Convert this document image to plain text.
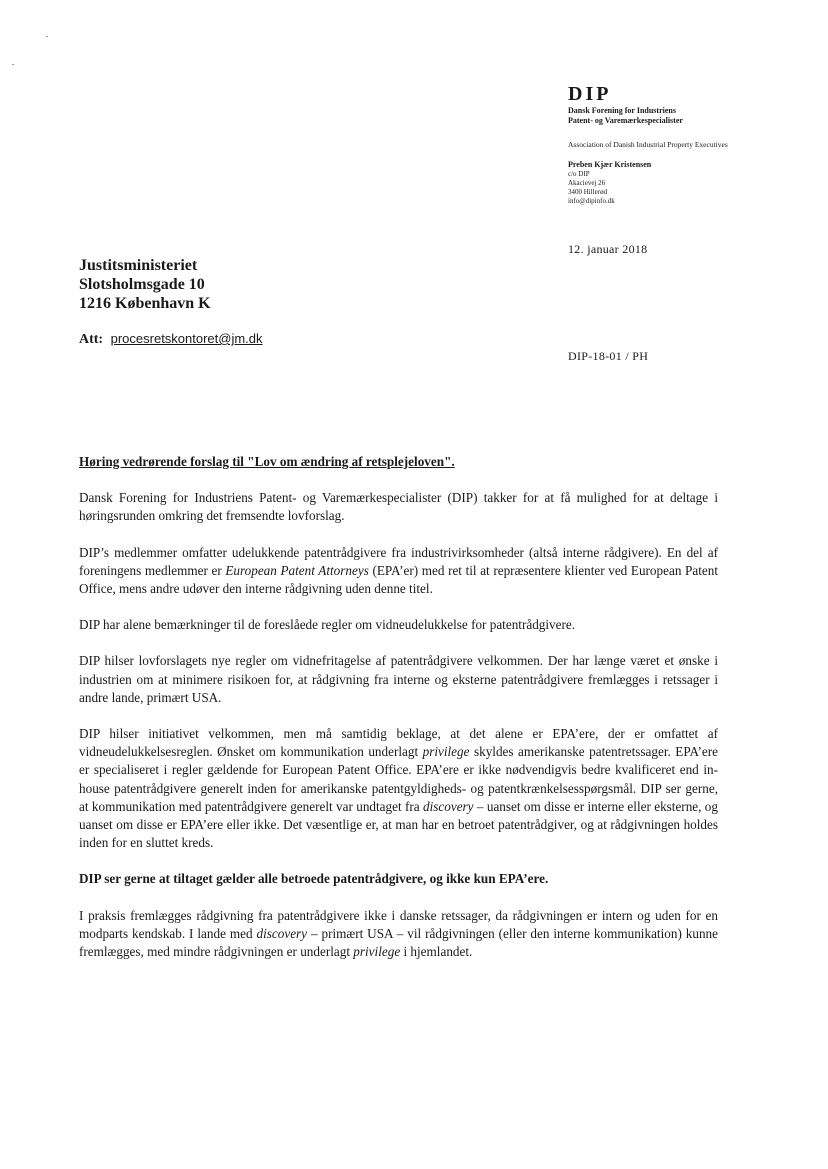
DIP
Dansk Forening for Industriens
Patent- og Varemærkespecialister
Association of Danish Industrial Property Executives
Preben Kjær Kristensen
c/o DIP
Akacievej 26
3400 Hillerød
info@dipinfo.dk
12. januar 2018
Justitsministeriet
Slotsholmsgade 10
1216 København K
Att: procesretskontoret@jm.dk
DIP-18-01 / PH

Høring vedrørende forslag til "Lov om ændring af retsplejeloven".

Dansk Forening for Industriens Patent- og Varemærkespecialister (DIP) takker for at få mulighed for at deltage i høringsrunden omkring det fremsendte lovforslag.

DIP’s medlemmer omfatter udelukkende patentrådgivere fra industrivirksomheder (altså interne rådgivere). En del af foreningens medlemmer er European Patent Attorneys (EPA’er) med ret til at repræsentere klienter ved European Patent Office, mens andre udøver den interne rådgivning uden denne titel.

DIP har alene bemærkninger til de foreslåede regler om vidneudelukkelse for patentrådgivere.

DIP hilser lovforslagets nye regler om vidnefritagelse af patentrådgivere velkommen. Der har længe været et ønske i industrien om at minimere risikoen for, at rådgivning fra interne og eksterne patentrådgivere fremlægges i retssager i andre lande, primært USA.

DIP hilser initiativet velkommen, men må samtidig beklage, at det alene er EPA’ere, der er omfattet af vidneudelukkelsesreglen. Ønsket om kommunikation underlagt privilege skyldes amerikanske patentretssager. EPA’ere er specialiseret i regler gældende for European Patent Office. EPA’ere er ikke nødvendigvis bedre kvalificeret end in-house patentrådgivere generelt inden for amerikanske patentgyldigheds- og patentkrænkelsesspørgsmål. DIP ser gerne, at kommunikation med patentrådgivere generelt var undtaget fra discovery – uanset om disse er interne eller eksterne, og uanset om disse er EPA’ere eller ikke. Det væsentlige er, at man har en betroet patentrådgiver, og at rådgivningen holdes inden for en sluttet kreds.

DIP ser gerne at tiltaget gælder alle betroede patentrådgivere, og ikke kun EPA’ere.

I praksis fremlægges rådgivning fra patentrådgivere ikke i danske retssager, da rådgivningen er intern og uden for en modparts kendskab. I lande med discovery – primært USA – vil rådgivningen (eller den interne kommunikation) kunne fremlægges, med mindre rådgivningen er underlagt privilege i hjemlandet.
